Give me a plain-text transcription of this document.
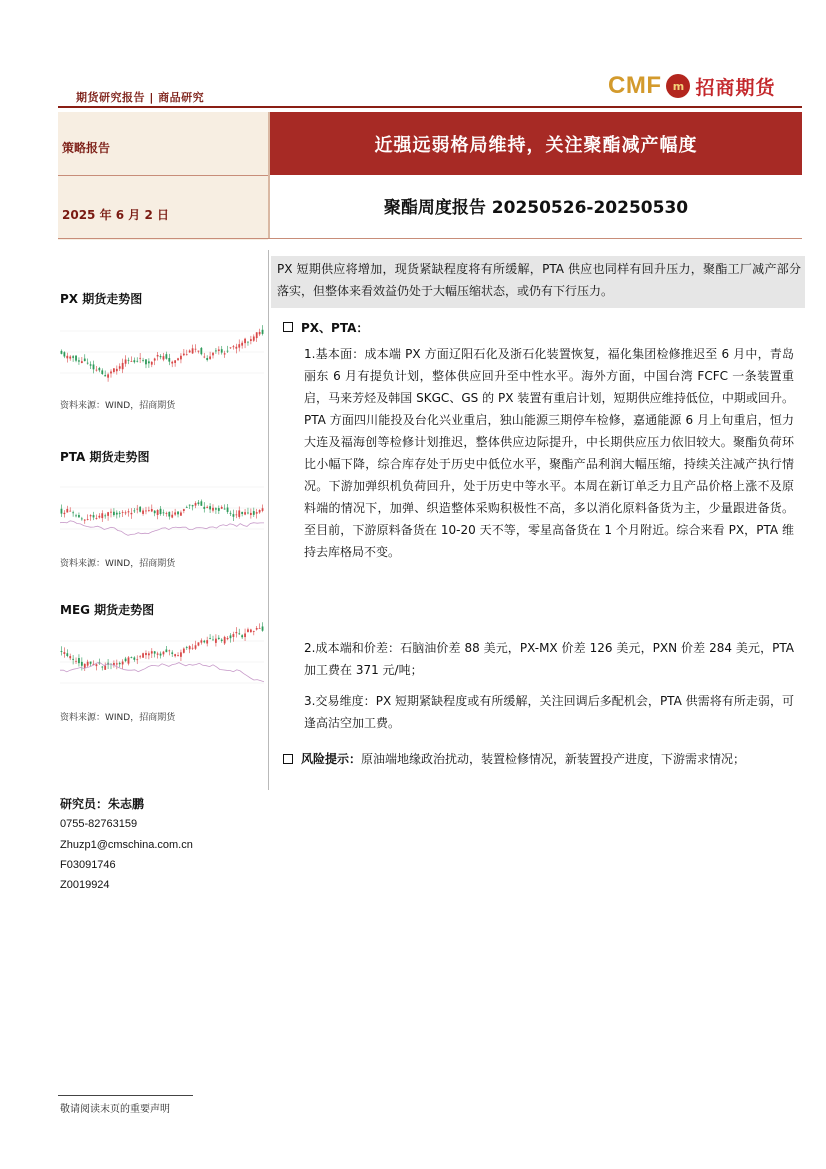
期货研究报告 | 商品研究	CMF	m 招商期货
策略报告
2025 年 6 月 2 日
近强远弱格局维持，关注聚酯减产幅度
聚酯周度报告 20250526-20250530
PX 期货走势图
资料来源：WIND，招商期货
PTA 期货走势图
资料来源：WIND，招商期货
MEG 期货走势图
资料来源：WIND，招商期货
研究员：朱志鹏
0755-82763159
Zhuzp1@cmschina.com.cn
F03091746
Z0019924
PX 短期供应将增加，现货紧缺程度将有所缓解，PTA 供应也同样有回升压力，聚酯工厂减产部分落实，但整体来看效益仍处于大幅压缩状态，或仍有下行压力。
PX、PTA：
1.基本面：成本端 PX 方面辽阳石化及浙石化装置恢复，福化集团检修推迟至 6 月中，青岛丽东 6 月有提负计划，整体供应回升至中性水平。海外方面，中国台湾 FCFC 一条装置重启，马来芳烃及韩国 SKGC、GS 的 PX 装置有重启计划，短期供应维持低位，中期或回升。PTA 方面四川能投及台化兴业重启，独山能源三期停车检修，嘉通能源 6 月上旬重启，恒力大连及福海创等检修计划推迟，整体供应边际提升，中长期供应压力依旧较大。聚酯负荷环比小幅下降，综合库存处于历史中低位水平，聚酯产品利润大幅压缩，持续关注减产执行情况。下游加弹织机负荷回升，处于历史中等水平。本周在新订单乏力且产品价格上涨不及原料端的情况下，加弹、织造整体采购积极性不高，多以消化原料备货为主，少量跟进备货。至目前，下游原料备货在 10-20 天不等，零星高备货在 1 个月附近。综合来看 PX，PTA 维持去库格局不变。
2.成本端和价差：石脑油价差 88 美元，PX-MX 价差 126 美元，PXN 价差 284 美元，PTA 加工费在 371 元/吨；
3.交易维度：PX 短期紧缺程度或有所缓解，关注回调后多配机会，PTA 供需将有所走弱，可逢高沽空加工费。
风险提示：原油端地缘政治扰动，装置检修情况，新装置投产进度，下游需求情况；
敬请阅读末页的重要声明
